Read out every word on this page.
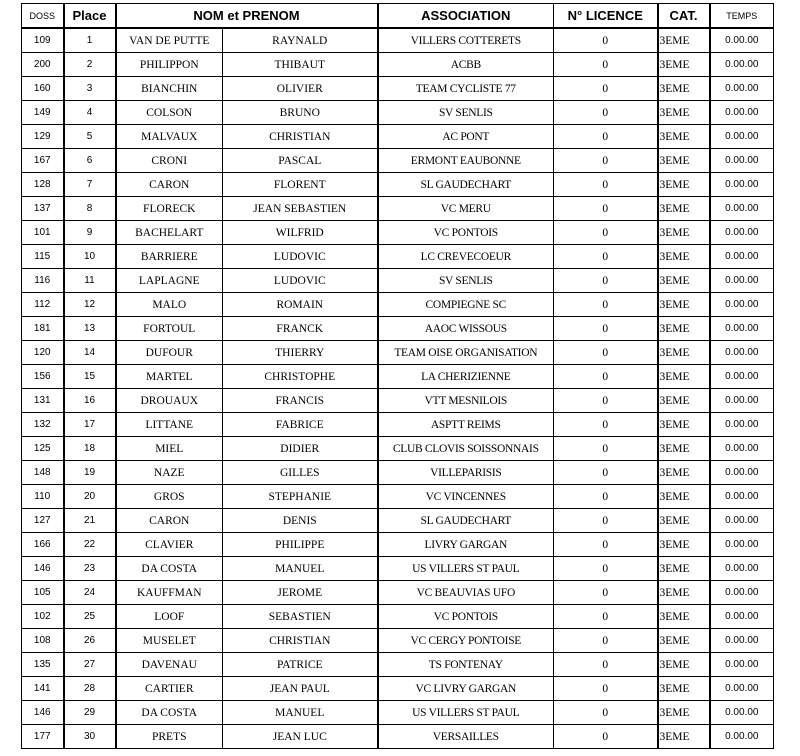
DOSS	Place	NOM et PRENOM		ASSOCIATION	N° LICENCE	CAT.	TEMPS
109	1	VAN DE PUTTE	RAYNALD	VILLERS COTTERETS	0	3EME	0.00.00
200	2	PHILIPPON	THIBAUT	ACBB	0	3EME	0.00.00
160	3	BIANCHIN	OLIVIER	TEAM CYCLISTE 77	0	3EME	0.00.00
149	4	COLSON	BRUNO	SV SENLIS	0	3EME	0.00.00
129	5	MALVAUX	CHRISTIAN	AC PONT	0	3EME	0.00.00
167	6	CRONI	PASCAL	ERMONT EAUBONNE	0	3EME	0.00.00
128	7	CARON	FLORENT	SL GAUDECHART	0	3EME	0.00.00
137	8	FLORECK	JEAN SEBASTIEN	VC MERU	0	3EME	0.00.00
101	9	BACHELART	WILFRID	VC PONTOIS	0	3EME	0.00.00
115	10	BARRIERE	LUDOVIC	LC CREVECOEUR	0	3EME	0.00.00
116	11	LAPLAGNE	LUDOVIC	SV SENLIS	0	3EME	0.00.00
112	12	MALO	ROMAIN	COMPIEGNE SC	0	3EME	0.00.00
181	13	FORTOUL	FRANCK	AAOC WISSOUS	0	3EME	0.00.00
120	14	DUFOUR	THIERRY	TEAM OISE ORGANISATION	0	3EME	0.00.00
156	15	MARTEL	CHRISTOPHE	LA CHERIZIENNE	0	3EME	0.00.00
131	16	DROUAUX	FRANCIS	VTT MESNILOIS	0	3EME	0.00.00
132	17	LITTANE	FABRICE	ASPTT REIMS	0	3EME	0.00.00
125	18	MIEL	DIDIER	CLUB CLOVIS SOISSONNAIS	0	3EME	0.00.00
148	19	NAZE	GILLES	VILLEPARISIS	0	3EME	0.00.00
110	20	GROS	STEPHANIE	VC VINCENNES	0	3EME	0.00.00
127	21	CARON	DENIS	SL GAUDECHART	0	3EME	0.00.00
166	22	CLAVIER	PHILIPPE	LIVRY GARGAN	0	3EME	0.00.00
146	23	DA COSTA	MANUEL	US VILLERS ST PAUL	0	3EME	0.00.00
105	24	KAUFFMAN	JEROME	VC BEAUVIAS UFO	0	3EME	0.00.00
102	25	LOOF	SEBASTIEN	VC PONTOIS	0	3EME	0.00.00
108	26	MUSELET	CHRISTIAN	VC CERGY PONTOISE	0	3EME	0.00.00
135	27	DAVENAU	PATRICE	TS FONTENAY	0	3EME	0.00.00
141	28	CARTIER	JEAN PAUL	VC LIVRY GARGAN	0	3EME	0.00.00
146	29	DA COSTA	MANUEL	US VILLERS ST PAUL	0	3EME	0.00.00
177	30	PRETS	JEAN LUC	VERSAILLES	0	3EME	0.00.00
